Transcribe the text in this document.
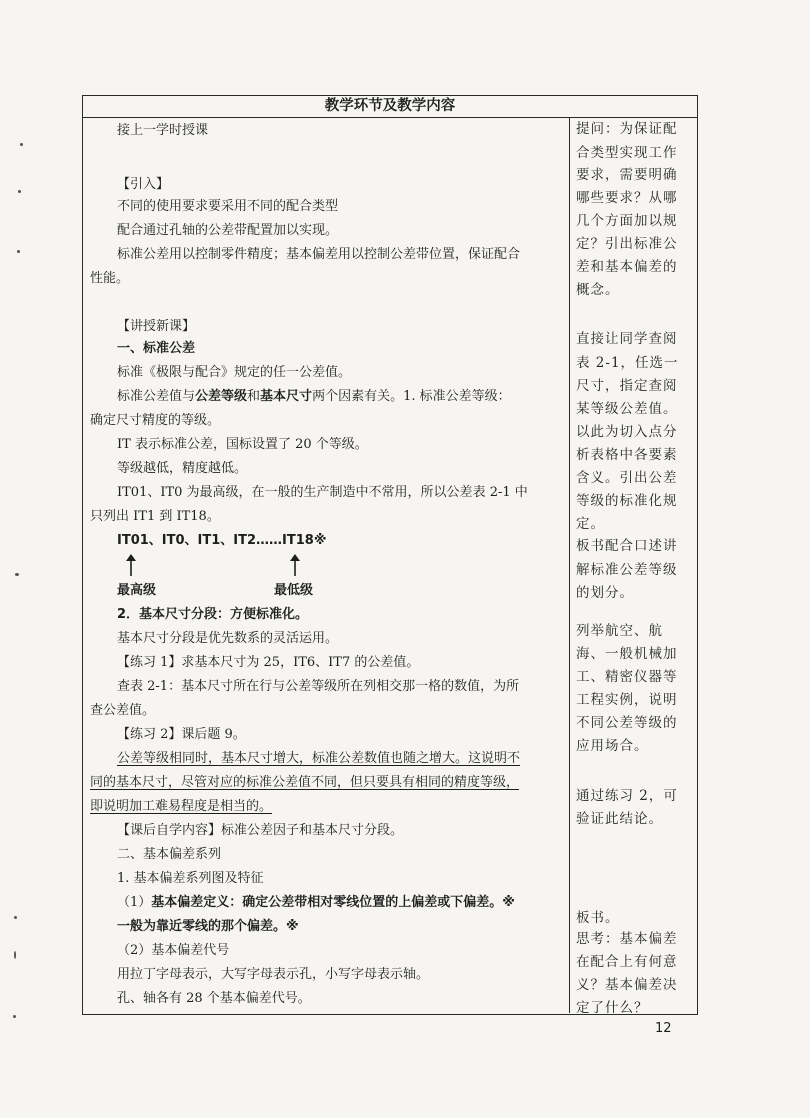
教学环节及教学内容
接上一学时授课
【引入】
不同的使用要求要采用不同的配合类型
配合通过孔轴的公差带配置加以实现。
标准公差用以控制零件精度；基本偏差用以控制公差带位置，保证配合
性能。
【讲授新课】
一、标准公差
标准《极限与配合》规定的任一公差值。
标准公差值与公差等级和基本尺寸两个因素有关。1. 标准公差等级：
确定尺寸精度的等级。
IT 表示标准公差，国标设置了 20 个等级。
等级越低，精度越低。
IT01、IT0 为最高级，在一般的生产制造中不常用，所以公差表 2-1 中
只列出 IT1 到 IT18。
IT01、IT0、IT1、IT2……IT18※
最高级	最低级
2．基本尺寸分段：方便标准化。
基本尺寸分段是优先数系的灵活运用。
【练习 1】求基本尺寸为 25，IT6、IT7 的公差值。
查表 2-1：基本尺寸所在行与公差等级所在列相交那一格的数值，为所
查公差值。
【练习 2】课后题 9。
公差等级相同时，基本尺寸增大，标准公差数值也随之增大。这说明不
同的基本尺寸，尽管对应的标准公差值不同，但只要具有相同的精度等级，
即说明加工难易程度是相当的。
【课后自学内容】标准公差因子和基本尺寸分段。
二、基本偏差系列
1. 基本偏差系列图及特征
（1）基本偏差定义：确定公差带相对零线位置的上偏差或下偏差。※
一般为靠近零线的那个偏差。※
（2）基本偏差代号
用拉丁字母表示，大写字母表示孔，小写字母表示轴。
孔、轴各有 28 个基本偏差代号。
提问：为保证配
合类型实现工作
要求，需要明确
哪些要求？从哪
几个方面加以规
定？引出标准公
差和基本偏差的
概念。
直接让同学查阅
表 2-1，任选一
尺寸，指定查阅
某等级公差值。
以此为切入点分
析表格中各要素
含义。引出公差
等级的标准化规
定。
板书配合口述讲
解标准公差等级
的划分。
列举航空、航
海、一般机械加
工、精密仪器等
工程实例，说明
不同公差等级的
应用场合。
通过练习 2，可
验证此结论。
板书。
思考：基本偏差
在配合上有何意
义？基本偏差决
定了什么？
12
